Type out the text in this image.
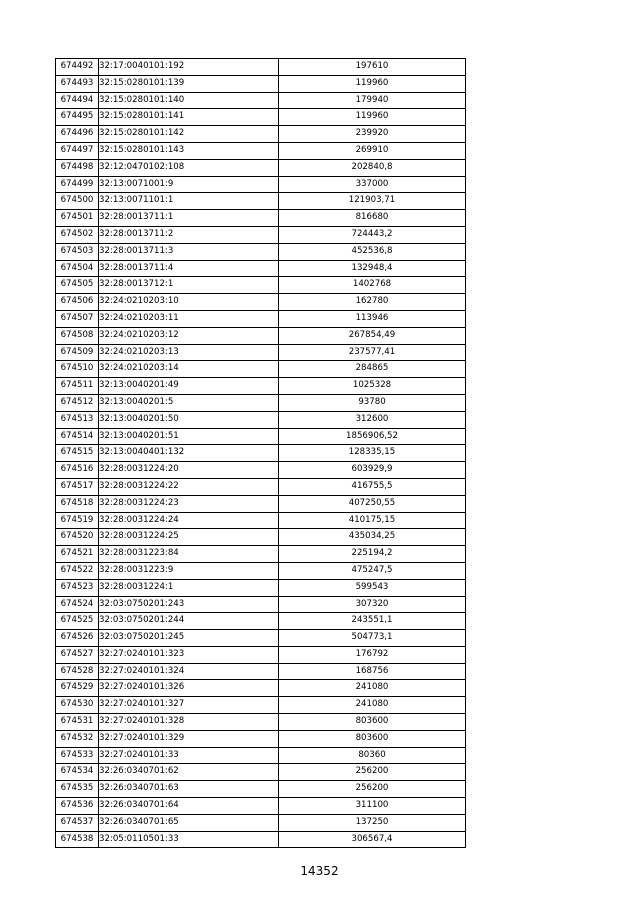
674492	32:17:0040101:192	197610
674493	32:15:0280101:139	119960
674494	32:15:0280101:140	179940
674495	32:15:0280101:141	119960
674496	32:15:0280101:142	239920
674497	32:15:0280101:143	269910
674498	32:12:0470102:108	202840,8
674499	32:13:0071001:9	337000
674500	32:13:0071101:1	121903,71
674501	32:28:0013711:1	816680
674502	32:28:0013711:2	724443,2
674503	32:28:0013711:3	452536,8
674504	32:28:0013711:4	132948,4
674505	32:28:0013712:1	1402768
674506	32:24:0210203:10	162780
674507	32:24:0210203:11	113946
674508	32:24:0210203:12	267854,49
674509	32:24:0210203:13	237577,41
674510	32:24:0210203:14	284865
674511	32:13:0040201:49	1025328
674512	32:13:0040201:5	93780
674513	32:13:0040201:50	312600
674514	32:13:0040201:51	1856906,52
674515	32:13:0040401:132	128335,15
674516	32:28:0031224:20	603929,9
674517	32:28:0031224:22	416755,5
674518	32:28:0031224:23	407250,55
674519	32:28:0031224:24	410175,15
674520	32:28:0031224:25	435034,25
674521	32:28:0031223:84	225194,2
674522	32:28:0031223:9	475247,5
674523	32:28:0031224:1	599543
674524	32:03:0750201:243	307320
674525	32:03:0750201:244	243551,1
674526	32:03:0750201:245	504773,1
674527	32:27:0240101:323	176792
674528	32:27:0240101:324	168756
674529	32:27:0240101:326	241080
674530	32:27:0240101:327	241080
674531	32:27:0240101:328	803600
674532	32:27:0240101:329	803600
674533	32:27:0240101:33	80360
674534	32:26:0340701:62	256200
674535	32:26:0340701:63	256200
674536	32:26:0340701:64	311100
674537	32:26:0340701:65	137250
674538	32:05:0110501:33	306567,4
14352
